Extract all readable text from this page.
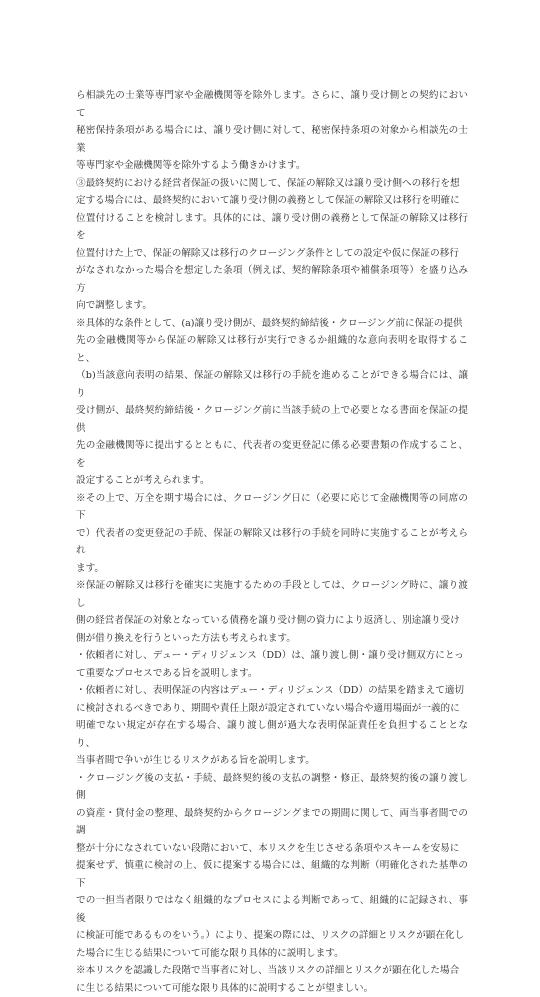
ら相談先の士業等専門家や金融機関等を除外します。さらに、譲り受け側との契約において
秘密保持条項がある場合には、譲り受け側に対して、秘密保持条項の対象から相談先の士業
等専門家や金融機関等を除外するよう働きかけます。

③最終契約における経営者保証の扱いに関して、保証の解除又は譲り受け側への移行を想
定する場合には、最終契約において譲り受け側の義務として保証の解除又は移行を明確に
位置付けることを検討します。具体的には、譲り受け側の義務として保証の解除又は移行を
位置付けた上で、保証の解除又は移行のクロージング条件としての設定や仮に保証の移行
がなされなかった場合を想定した条項（例えば、契約解除条項や補償条項等）を盛り込み方
向で調整します。

※具体的な条件として、(a)譲り受け側が、最終契約締結後・クロージング前に保証の提供
先の金融機関等から保証の解除又は移行が実行できるか組織的な意向表明を取得すること、
（b)当該意向表明の結果、保証の解除又は移行の手続を進めることができる場合には、譲り
受け側が、最終契約締結後・クロージング前に当該手続の上で必要となる書面を保証の提供
先の金融機関等に提出するとともに、代表者の変更登記に係る必要書類の作成すること、を
設定することが考えられます。

※その上で、万全を期す場合には、クロージング日に（必要に応じて金融機関等の同席の下
で）代表者の変更登記の手続、保証の解除又は移行の手続を同時に実施することが考えられ
ます。

※保証の解除又は移行を確実に実施するための手段としては、クロージング時に、譲り渡し
側の経営者保証の対象となっている債務を譲り受け側の資力により返済し、別途譲り受け
側が借り換えを行うといった方法も考えられます。

・依頼者に対し、デュー・ディリジェンス（DD）は、譲り渡し側・譲り受け側双方にとっ
て重要なプロセスである旨を説明します。

・依頼者に対し、表明保証の内容はデュー・ディリジェンス（DD）の結果を踏まえて適切
に検討されるべきであり、期間や責任上限が設定されていない場合や適用場面が一義的に
明確でない規定が存在する場合、譲り渡し側が過大な表明保証責任を負担することとなり、
当事者間で争いが生じるリスクがある旨を説明します。

・クロージング後の支払・手続、最終契約後の支払の調整・修正、最終契約後の譲り渡し側
の資産・貸付金の整理、最終契約からクロージングまでの期間に関して、両当事者間での調
整が十分になされていない段階において、本リスクを生じさせる条項やスキームを安易に
提案せず、慎重に検討の上、仮に提案する場合には、組織的な判断（明確化された基準の下
での一担当者限りではなく組織的なプロセスによる判断であって、組織的に記録され、事後
に検証可能であるものをいう。）により、提案の際には、リスクの詳細とリスクが顕在化し
た場合に生じる結果について可能な限り具体的に説明します。

※本リスクを認識した段階で当事者に対し、当該リスクの詳細とリスクが顕在化した場合
に生じる結果について可能な限り具体的に説明することが望ましい。
